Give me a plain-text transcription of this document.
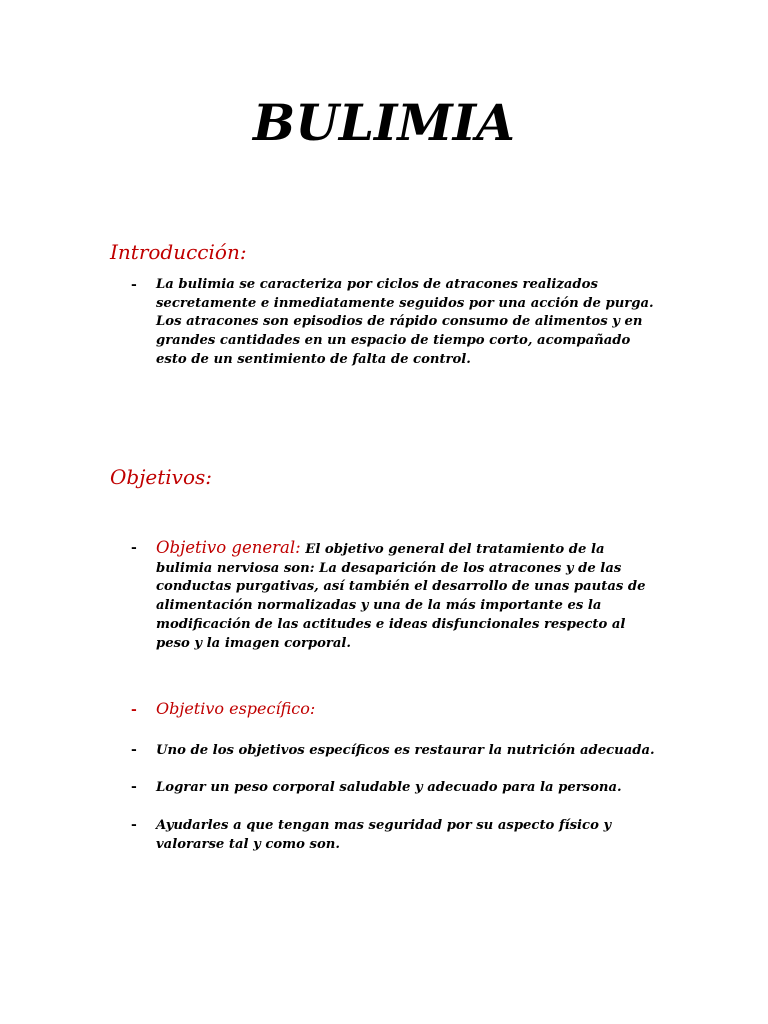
BULIMIA
Introducción:
- La bulimia se caracteriza por ciclos de atracones realizados secretamente e inmediatamente seguidos por una acción de purga. Los atracones son episodios de rápido consumo de alimentos y en grandes cantidades en un espacio de tiempo corto, acompañado esto de un sentimiento de falta de control.

Objetivos:
- Objetivo general: El objetivo general del tratamiento de la bulimia nerviosa son: La desaparición de los atracones y de las conductas purgativas, así también el desarrollo de unas pautas de alimentación normalizadas y una de la más importante es la modificación de las actitudes e ideas disfuncionales respecto al peso y la imagen corporal.

- Objetivo específico:

- Uno de los objetivos específicos es restaurar la nutrición adecuada.

- Lograr un peso corporal saludable y adecuado para la persona.

- Ayudarles a que tengan mas seguridad por su aspecto físico y valorarse tal y como son.
